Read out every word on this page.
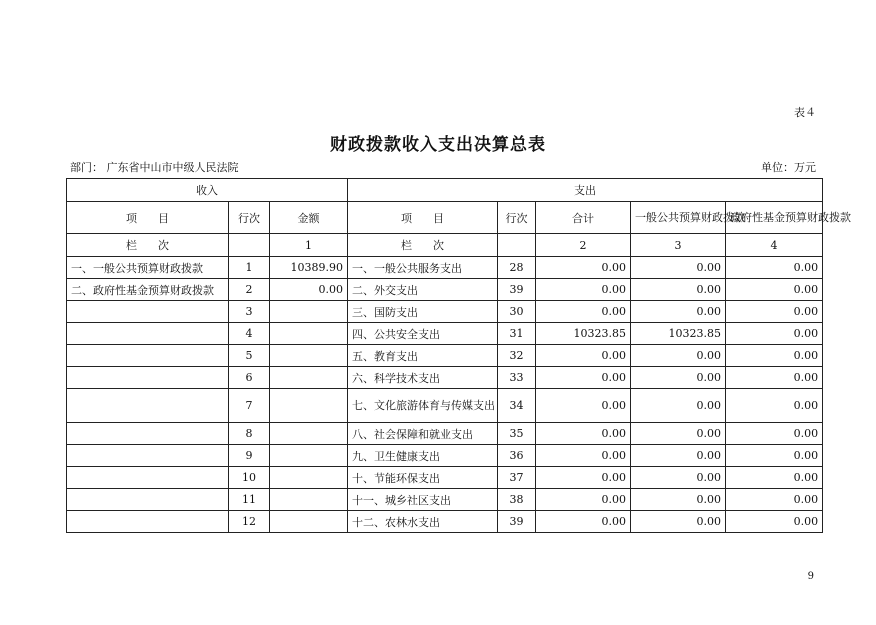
表４
财政拨款收入支出决算总表
部门： 广东省中山市中级人民法院	单位：万元
收入			支出				
项      目	行次	金额	项      目	行次	合计	一般公共预算财政拨款	政府性基金预算财政拨款
栏      次		1	栏      次		2	3	4
一、一般公共预算财政拨款	1	10389.90	一、一般公共服务支出	28	0.00	0.00	0.00
二、政府性基金预算财政拨款	2	0.00	二、外交支出	39	0.00	0.00	0.00
	3		三、国防支出	30	0.00	0.00	0.00
	4		四、公共安全支出	31	10323.85	10323.85	0.00
	5		五、教育支出	32	0.00	0.00	0.00
	6		六、科学技术支出	33	0.00	0.00	0.00
	7		七、文化旅游体育与传媒支出	34	0.00	0.00	0.00
	8		八、社会保障和就业支出	35	0.00	0.00	0.00
	9		九、卫生健康支出	36	0.00	0.00	0.00
	10		十、节能环保支出	37	0.00	0.00	0.00
	11		十一、城乡社区支出	38	0.00	0.00	0.00
	12		十二、农林水支出	39	0.00	0.00	0.00
9
